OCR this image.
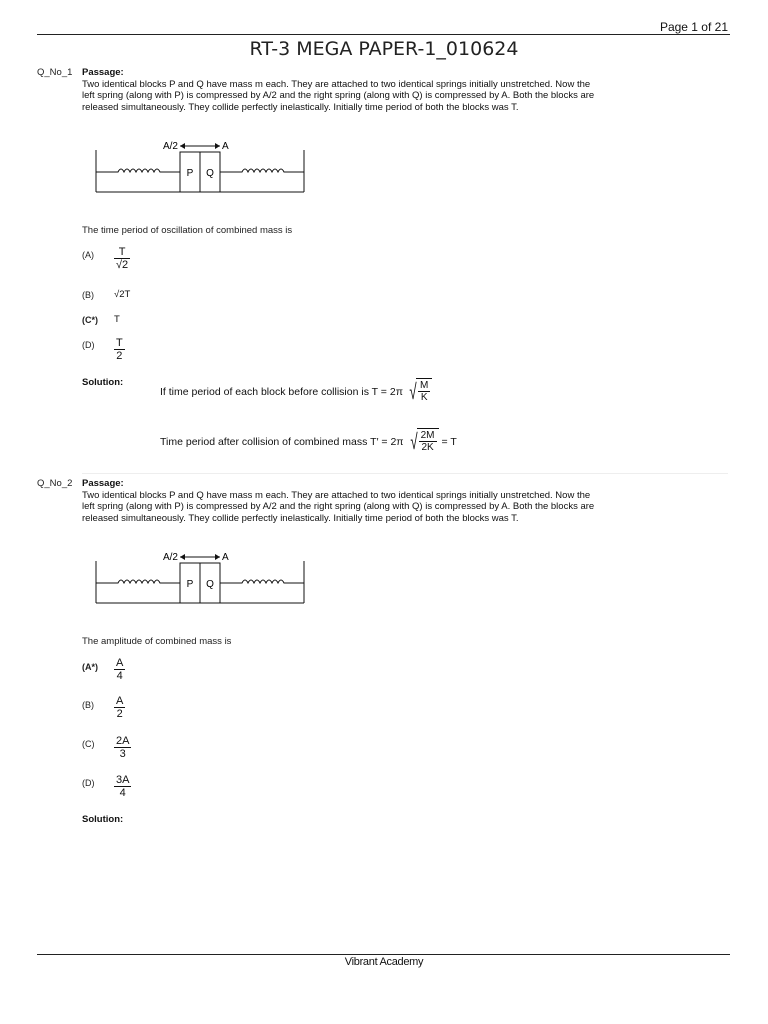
Page 1 of 21
RT-3 MEGA PAPER-1_010624
Q_No_1 Passage:
Two identical blocks P and Q have mass m each. They are attached to two identical springs initially unstretched. Now the left spring (along with P) is compressed by A/2 and the right spring (along with Q) is compressed by A. Both the blocks are released simultaneously. They collide perfectly inelastically. Initially time period of both the blocks was T.
P Q
A/2	A
The time period of oscillation of combined mass is
$(A) \frac{T}{√2}$
(B) √2T
(C*) T
$(D) \frac{T}{2}$
Solution:
If time period of each block before collision is T = 2π √ $\frac{M}{K}$
Time period after collision of combined mass T′ = 2π √ $\frac{2M}{2K} = T$
Q_No_2 Passage:
Two identical blocks P and Q have mass m each. They are attached to two identical springs initially unstretched. Now the left spring (along with P) is compressed by A/2 and the right spring (along with Q) is compressed by A. Both the blocks are released simultaneously. They collide perfectly inelastically. Initially time period of both the blocks was T.
P Q
A/2	A
The amplitude of combined mass is
$(A*) \frac{A}{4}$
$(B) \frac{A}{2}$
$(C) \frac{2A}{3}$
$(D) \frac{3A}{4}$
Solution:
Vibrant Academy
